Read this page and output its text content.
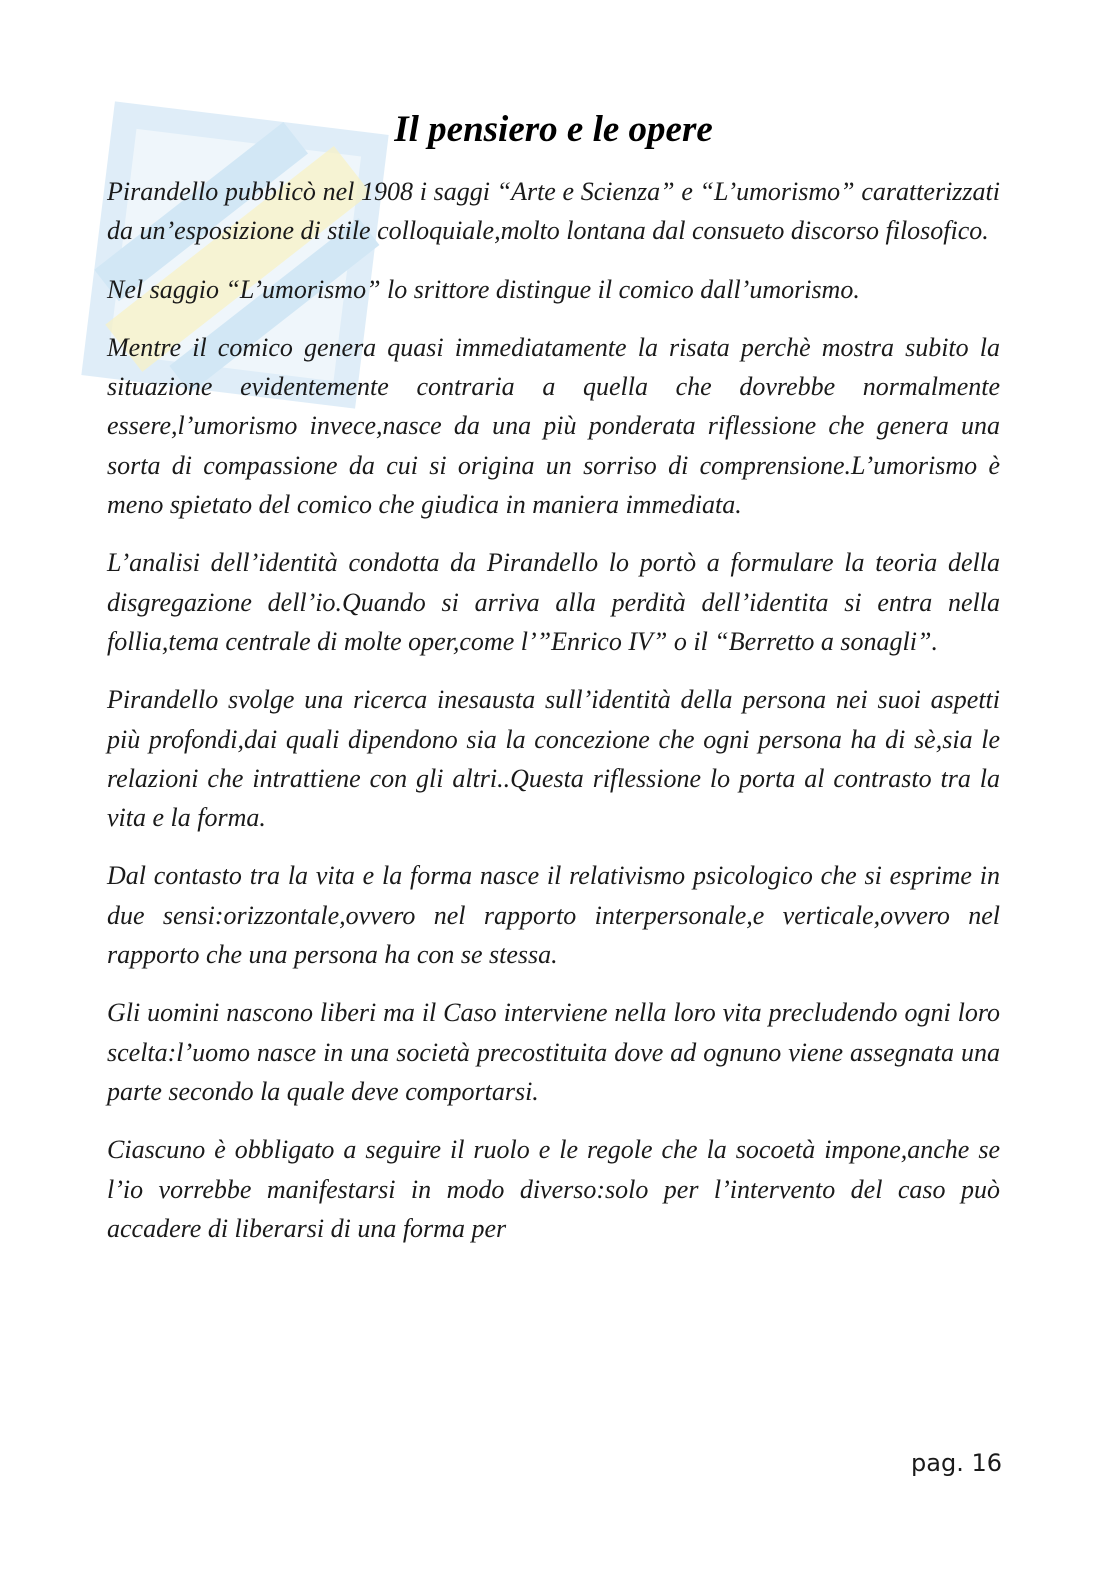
Il pensiero e le opere

Pirandello pubblicò nel 1908 i saggi “Arte e Scienza” e “L’umorismo” caratterizzati da un’esposizione di stile colloquiale,molto lontana dal consueto discorso filosofico.

Nel saggio “L’umorismo” lo srittore distingue il comico dall’umorismo.

Mentre il comico genera quasi immediatamente la risata perchè mostra subito la situazione evidentemente contraria a quella che dovrebbe normalmente essere,l’umorismo invece,nasce da una più ponderata riflessione che genera una sorta di compassione da cui si origina un sorriso di comprensione.L’umorismo è meno spietato del comico che giudica in maniera immediata.

L’analisi dell’identità condotta da Pirandello lo portò a formulare la teoria della disgregazione dell’io.Quando si arriva alla perdità dell’identita si entra nella follia,tema centrale di molte oper,come l’”Enrico IV” o il “Berretto a sonagli”.

Pirandello svolge una ricerca inesausta sull’identità della persona nei suoi aspetti più profondi,dai quali dipendono sia la concezione che ogni persona ha di sè,sia le relazioni che intrattiene con gli altri..Questa riflessione lo porta al contrasto tra la vita e la forma.

Dal contasto tra la vita e la forma nasce il relativismo psicologico che si esprime in due sensi:orizzontale,ovvero nel rapporto interpersonale,e verticale,ovvero nel rapporto che una persona ha con se stessa.

Gli uomini nascono liberi ma il Caso interviene nella loro vita precludendo ogni loro scelta:l’uomo nasce in una società precostituita dove ad ognuno viene assegnata una parte secondo la quale deve comportarsi.

Ciascuno è obbligato a seguire il ruolo e le regole che la socoetà impone,anche se l’io vorrebbe manifestarsi in modo diverso:solo per l’intervento del caso può accadere di liberarsi di una forma per

pag. 16
